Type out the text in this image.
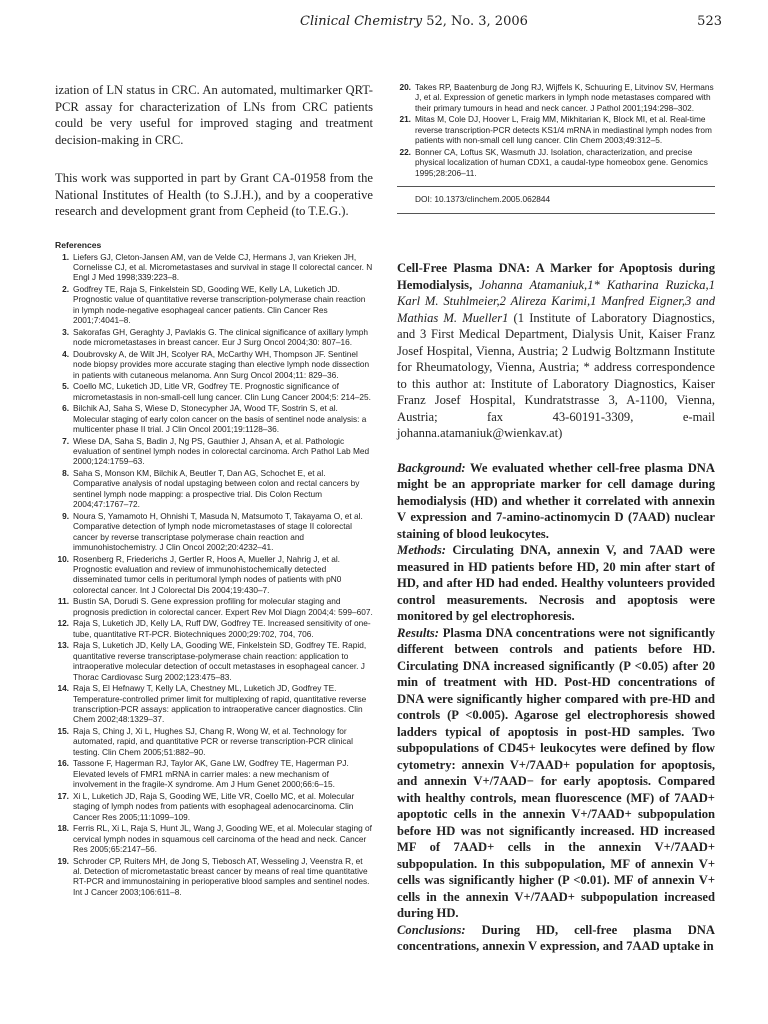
Clinical Chemistry 52, No. 3, 2006	523

ization of LN status in CRC. An automated, multimarker QRT-PCR assay for characterization of LNs from CRC patients could be very useful for improved staging and treatment decision-making in CRC.

This work was supported in part by Grant CA-01958 from the National Institutes of Health (to S.J.H.), and by a cooperative research and development grant from Cepheid (to T.E.G.).

References
1. Liefers GJ, Cleton-Jansen AM, van de Velde CJ, Hermans J, van Krieken JH, Cornelisse CJ, et al. Micrometastases and survival in stage II colorectal cancer. N Engl J Med 1998;339:223–8.
2. Godfrey TE, Raja S, Finkelstein SD, Gooding WE, Kelly LA, Luketich JD. Prognostic value of quantitative reverse transcription-polymerase chain reaction in lymph node-negative esophageal cancer patients. Clin Cancer Res 2001;7:4041–8.
3. Sakorafas GH, Geraghty J, Pavlakis G. The clinical significance of axillary lymph node micrometastases in breast cancer. Eur J Surg Oncol 2004;30: 807–16.
4. Doubrovsky A, de Wilt JH, Scolyer RA, McCarthy WH, Thompson JF. Sentinel node biopsy provides more accurate staging than elective lymph node dissection in patients with cutaneous melanoma. Ann Surg Oncol 2004;11: 829–36.
5. Coello MC, Luketich JD, Litle VR, Godfrey TE. Prognostic significance of micrometastasis in non-small-cell lung cancer. Clin Lung Cancer 2004;5: 214–25.
6. Bilchik AJ, Saha S, Wiese D, Stonecypher JA, Wood TF, Sostrin S, et al. Molecular staging of early colon cancer on the basis of sentinel node analysis: a multicenter phase II trial. J Clin Oncol 2001;19:1128–36.
7. Wiese DA, Saha S, Badin J, Ng PS, Gauthier J, Ahsan A, et al. Pathologic evaluation of sentinel lymph nodes in colorectal carcinoma. Arch Pathol Lab Med 2000;124:1759–63.
8. Saha S, Monson KM, Bilchik A, Beutler T, Dan AG, Schochet E, et al. Comparative analysis of nodal upstaging between colon and rectal cancers by sentinel lymph node mapping: a prospective trial. Dis Colon Rectum 2004;47:1767–72.
9. Noura S, Yamamoto H, Ohnishi T, Masuda N, Matsumoto T, Takayama O, et al. Comparative detection of lymph node micrometastases of stage II colorectal cancer by reverse transcriptase polymerase chain reaction and immunohistochemistry. J Clin Oncol 2002;20:4232–41.
10. Rosenberg R, Friederichs J, Gertler R, Hoos A, Mueller J, Nahrig J, et al. Prognostic evaluation and review of immunohistochemically detected disseminated tumor cells in peritumoral lymph nodes of patients with pN0 colorectal cancer. Int J Colorectal Dis 2004;19:430–7.
11. Bustin SA, Dorudi S. Gene expression profiling for molecular staging and prognosis prediction in colorectal cancer. Expert Rev Mol Diagn 2004;4: 599–607.
12. Raja S, Luketich JD, Kelly LA, Ruff DW, Godfrey TE. Increased sensitivity of one-tube, quantitative RT-PCR. Biotechniques 2000;29:702, 704, 706.
13. Raja S, Luketich JD, Kelly LA, Gooding WE, Finkelstein SD, Godfrey TE. Rapid, quantitative reverse transcriptase-polymerase chain reaction: application to intraoperative molecular detection of occult metastases in esophageal cancer. J Thorac Cardiovasc Surg 2002;123:475–83.
14. Raja S, El Hefnawy T, Kelly LA, Chestney ML, Luketich JD, Godfrey TE. Temperature-controlled primer limit for multiplexing of rapid, quantitative reverse transcription-PCR assays: application to intraoperative cancer diagnostics. Clin Chem 2002;48:1329–37.
15. Raja S, Ching J, Xi L, Hughes SJ, Chang R, Wong W, et al. Technology for automated, rapid, and quantitative PCR or reverse transcription-PCR clinical testing. Clin Chem 2005;51:882–90.
16. Tassone F, Hagerman RJ, Taylor AK, Gane LW, Godfrey TE, Hagerman PJ. Elevated levels of FMR1 mRNA in carrier males: a new mechanism of involvement in the fragile-X syndrome. Am J Hum Genet 2000;66:6–15.
17. Xi L, Luketich JD, Raja S, Gooding WE, Litle VR, Coello MC, et al. Molecular staging of lymph nodes from patients with esophageal adenocarcinoma. Clin Cancer Res 2005;11:1099–109.
18. Ferris RL, Xi L, Raja S, Hunt JL, Wang J, Gooding WE, et al. Molecular staging of cervical lymph nodes in squamous cell carcinoma of the head and neck. Cancer Res 2005;65:2147–56.
19. Schroder CP, Ruiters MH, de Jong S, Tiebosch AT, Wesseling J, Veenstra R, et al. Detection of micrometastatic breast cancer by means of real time quantitative RT-PCR and immunostaining in perioperative blood samples and sentinel nodes. Int J Cancer 2003;106:611–8.
20. Takes RP, Baatenburg de Jong RJ, Wijffels K, Schuuring E, Litvinov SV, Hermans J, et al. Expression of genetic markers in lymph node metastases compared with their primary tumours in head and neck cancer. J Pathol 2001;194:298–302.
21. Mitas M, Cole DJ, Hoover L, Fraig MM, Mikhitarian K, Block MI, et al. Real-time reverse transcription-PCR detects KS1/4 mRNA in mediastinal lymph nodes from patients with non-small cell lung cancer. Clin Chem 2003;49:312–5.
22. Bonner CA, Loftus SK, Wasmuth JJ. Isolation, characterization, and precise physical localization of human CDX1, a caudal-type homeobox gene. Genomics 1995;28:206–11.
DOI: 10.1373/clinchem.2005.062844
Cell-Free Plasma DNA: A Marker for Apoptosis during Hemodialysis, Johanna Atamaniuk,1* Katharina Ruzicka,1 Karl M. Stuhlmeier,2 Alireza Karimi,1 Manfred Eigner,3 and Mathias M. Mueller1 (1 Institute of Laboratory Diagnostics, and 3 First Medical Department, Dialysis Unit, Kaiser Franz Josef Hospital, Vienna, Austria; 2 Ludwig Boltzmann Institute for Rheumatology, Vienna, Austria; * address correspondence to this author at: Institute of Laboratory Diagnostics, Kaiser Franz Josef Hospital, Kundratstrasse 3, A-1100, Vienna, Austria; fax 43-60191-3309, e-mail johanna.atamaniuk@wienkav.at)

Background: We evaluated whether cell-free plasma DNA might be an appropriate marker for cell damage during hemodialysis (HD) and whether it correlated with annexin V expression and 7-amino-actinomycin D (7AAD) nuclear staining of blood leukocytes.

Methods: Circulating DNA, annexin V, and 7AAD were measured in HD patients before HD, 20 min after start of HD, and after HD had ended. Healthy volunteers provided control measurements. Necrosis and apoptosis were monitored by gel electrophoresis.

Results: Plasma DNA concentrations were not significantly different between controls and patients before HD. Circulating DNA increased significantly (P <0.05) after 20 min of treatment with HD. Post-HD concentrations of DNA were significantly higher compared with pre-HD and controls (P <0.005). Agarose gel electrophoresis showed ladders typical of apoptosis in post-HD samples. Two subpopulations of CD45+ leukocytes were defined by flow cytometry: annexin V+/7AAD+ population for apoptosis, and annexin V+/7AAD− for early apoptosis. Compared with healthy controls, mean fluorescence (MF) of 7AAD+ apoptotic cells in the annexin V+/7AAD+ subpopulation before HD was not significantly increased. HD increased MF of 7AAD+ cells in the annexin V+/7AAD+ subpopulation. In this subpopulation, MF of annexin V+ cells was significantly higher (P <0.01). MF of annexin V+ cells in the annexin V+/7AAD+ subpopulation increased during HD.

Conclusions: During HD, cell-free plasma DNA concentrations, annexin V expression, and 7AAD uptake in
